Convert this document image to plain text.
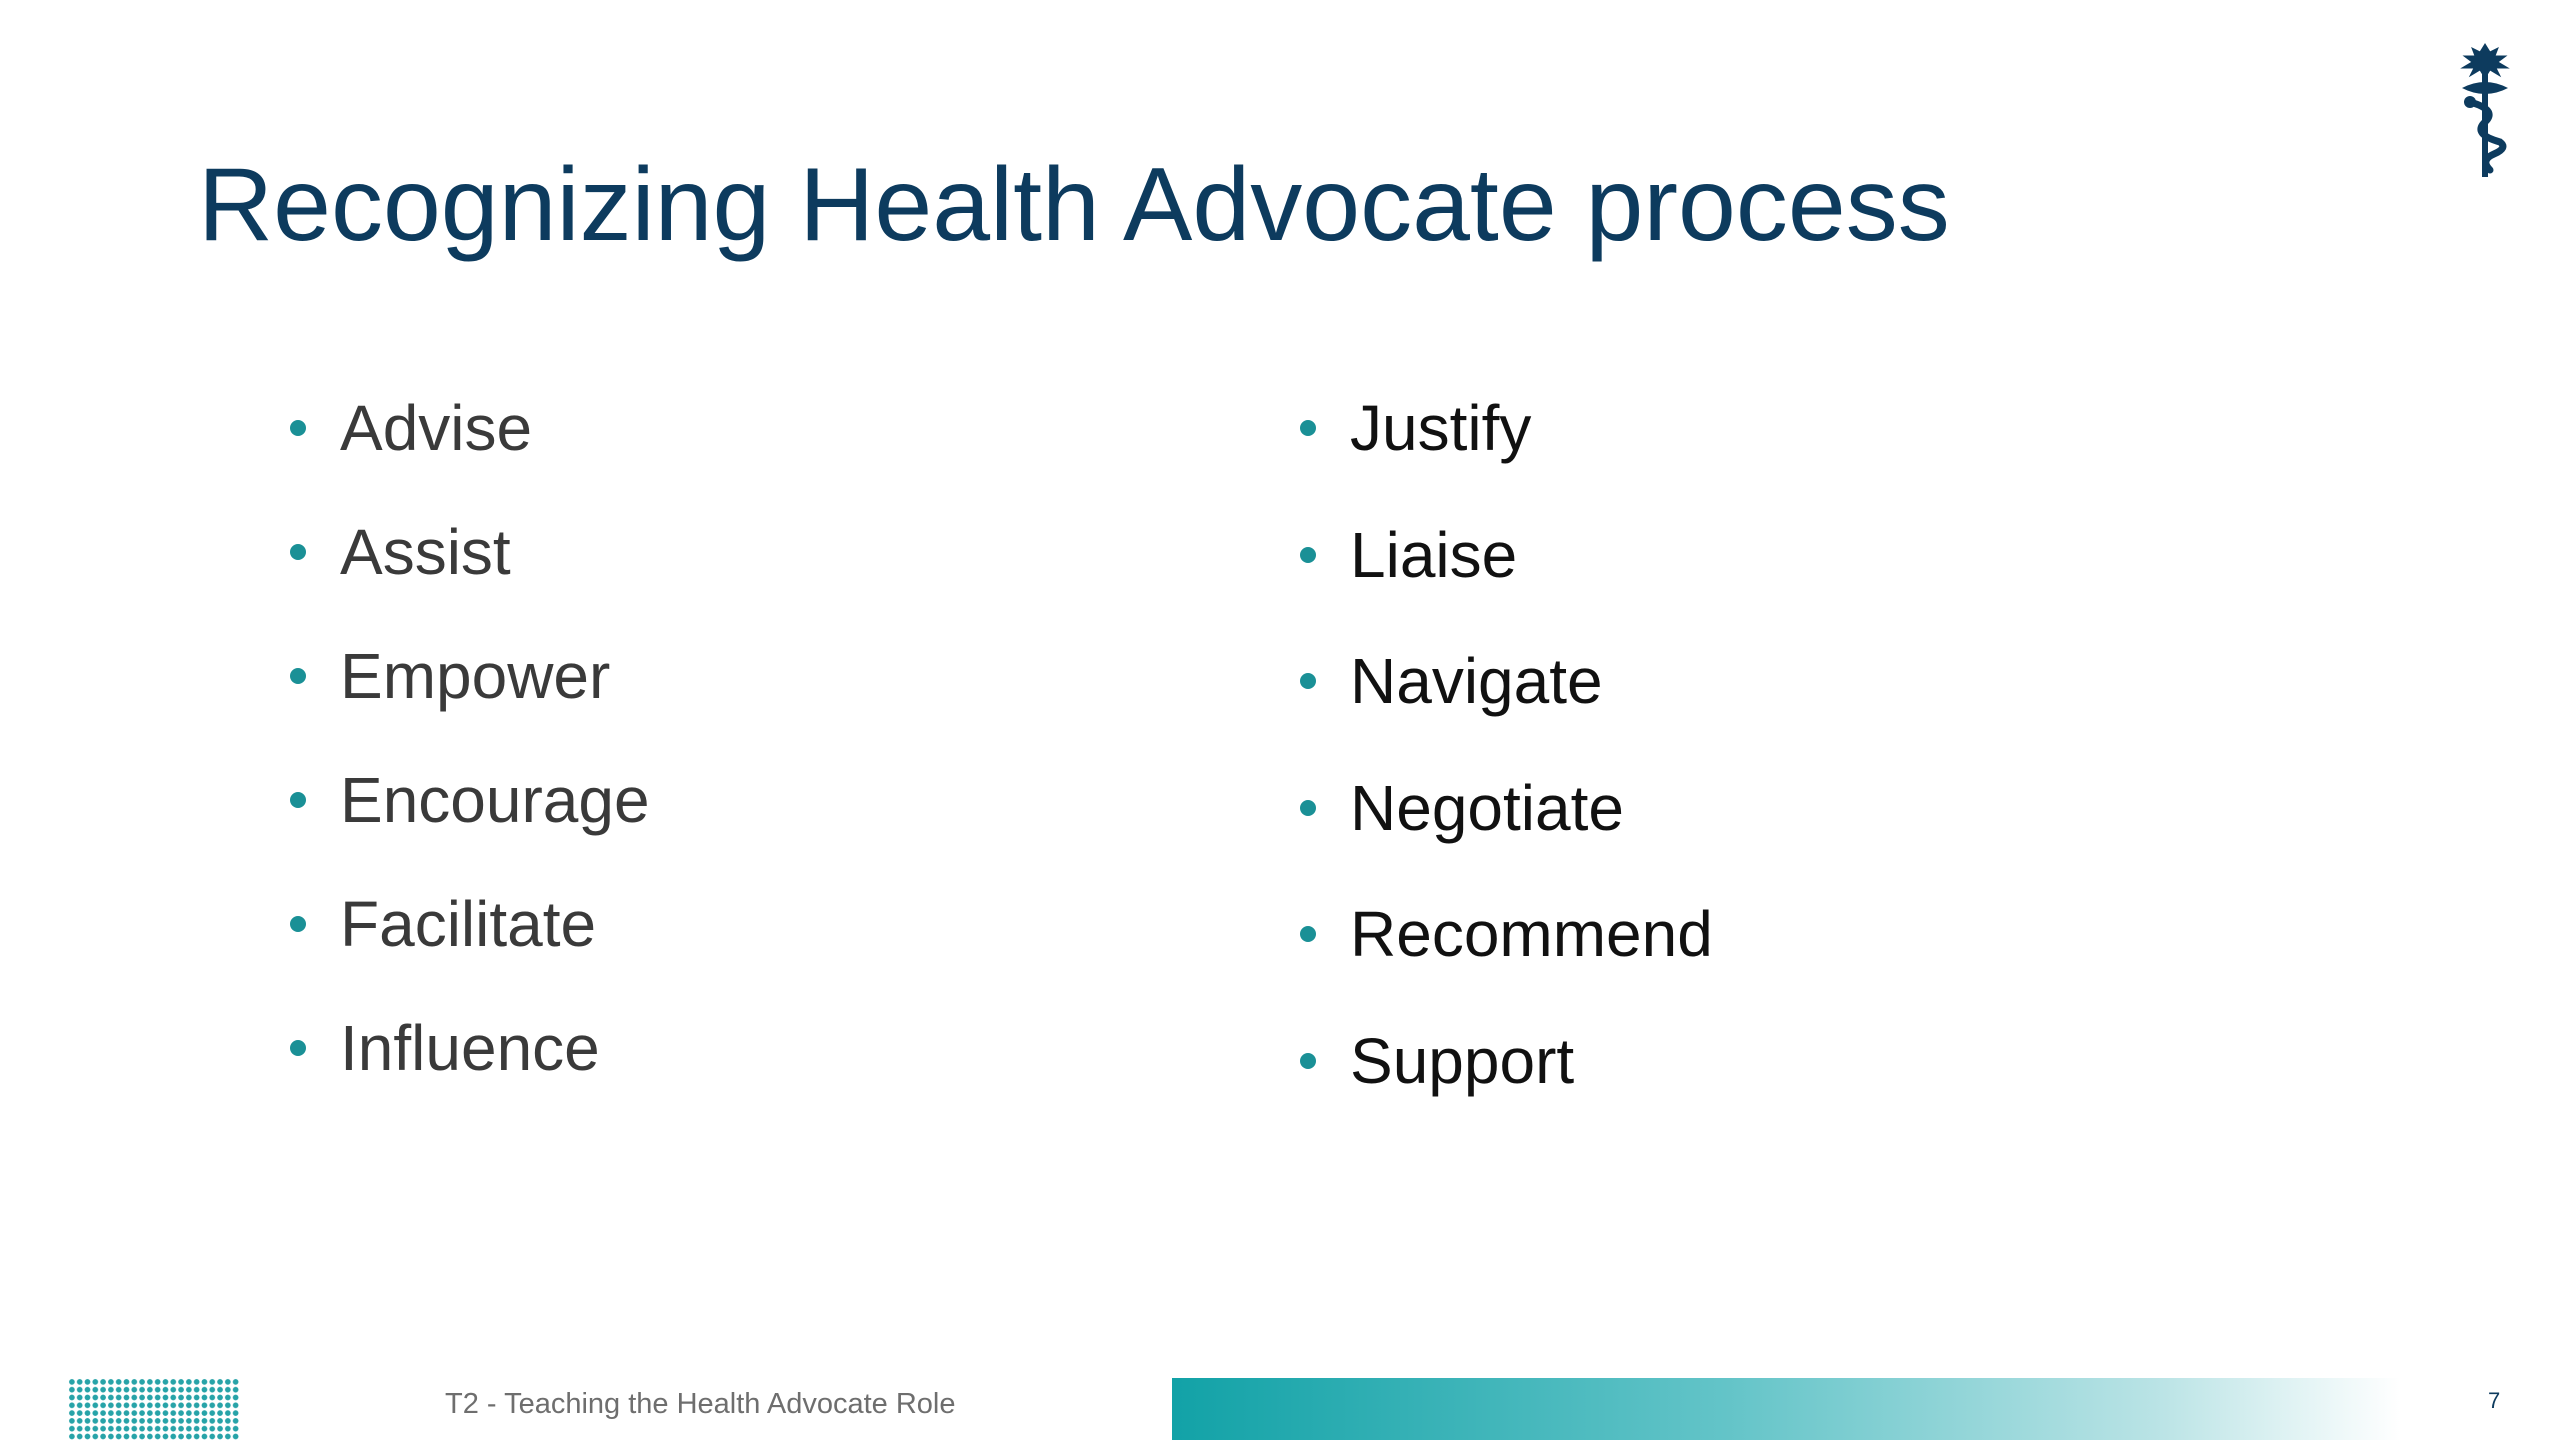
Recognizing Health Advocate process
Advise
Assist
Empower
Encourage
Facilitate
Influence
Justify
Liaise
Navigate
Negotiate
Recommend
Support
T2 - Teaching the Health Advocate Role	7
